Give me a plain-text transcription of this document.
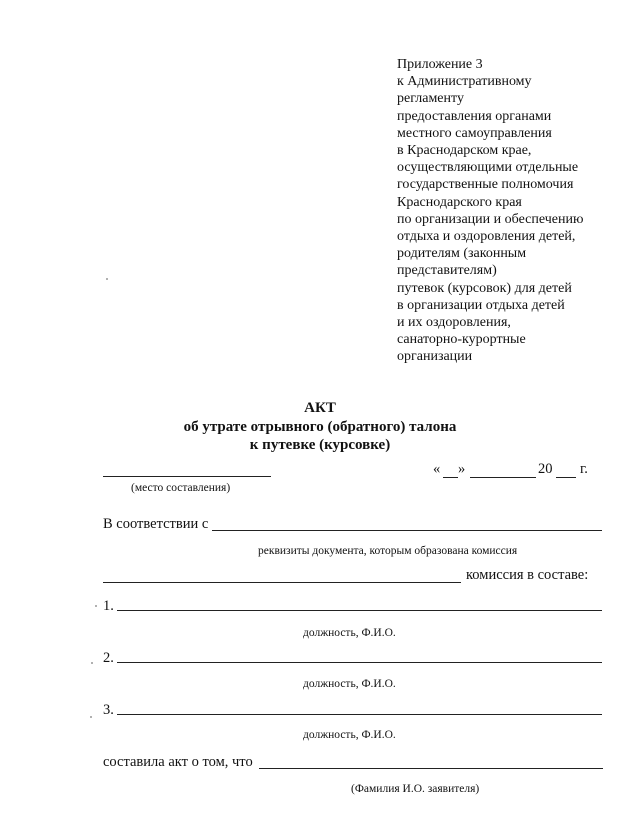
Приложение 3
к Административному
регламенту
предоставления органами
местного самоуправления
в Краснодарском крае,
осуществляющими отдельные
государственные полномочия
Краснодарского края
по организации и обеспечению
отдыха и оздоровления детей,
родителям (законным
представителям)
путевок (курсовок) для детей
в организации отдыха детей
и их оздоровления,
санаторно-курортные
организации
АКТ
об утрате отрывного (обратного) талона
к путевке (курсовке)
(место составления)
« »	20 г.
В соответствии с
реквизиты документа, которым образована комиссия
комиссия в составе:
1.
должность, Ф.И.О.
2.
должность, Ф.И.О.
3.
должность, Ф.И.О.
составила акт о том, что
(Фамилия И.О. заявителя)
